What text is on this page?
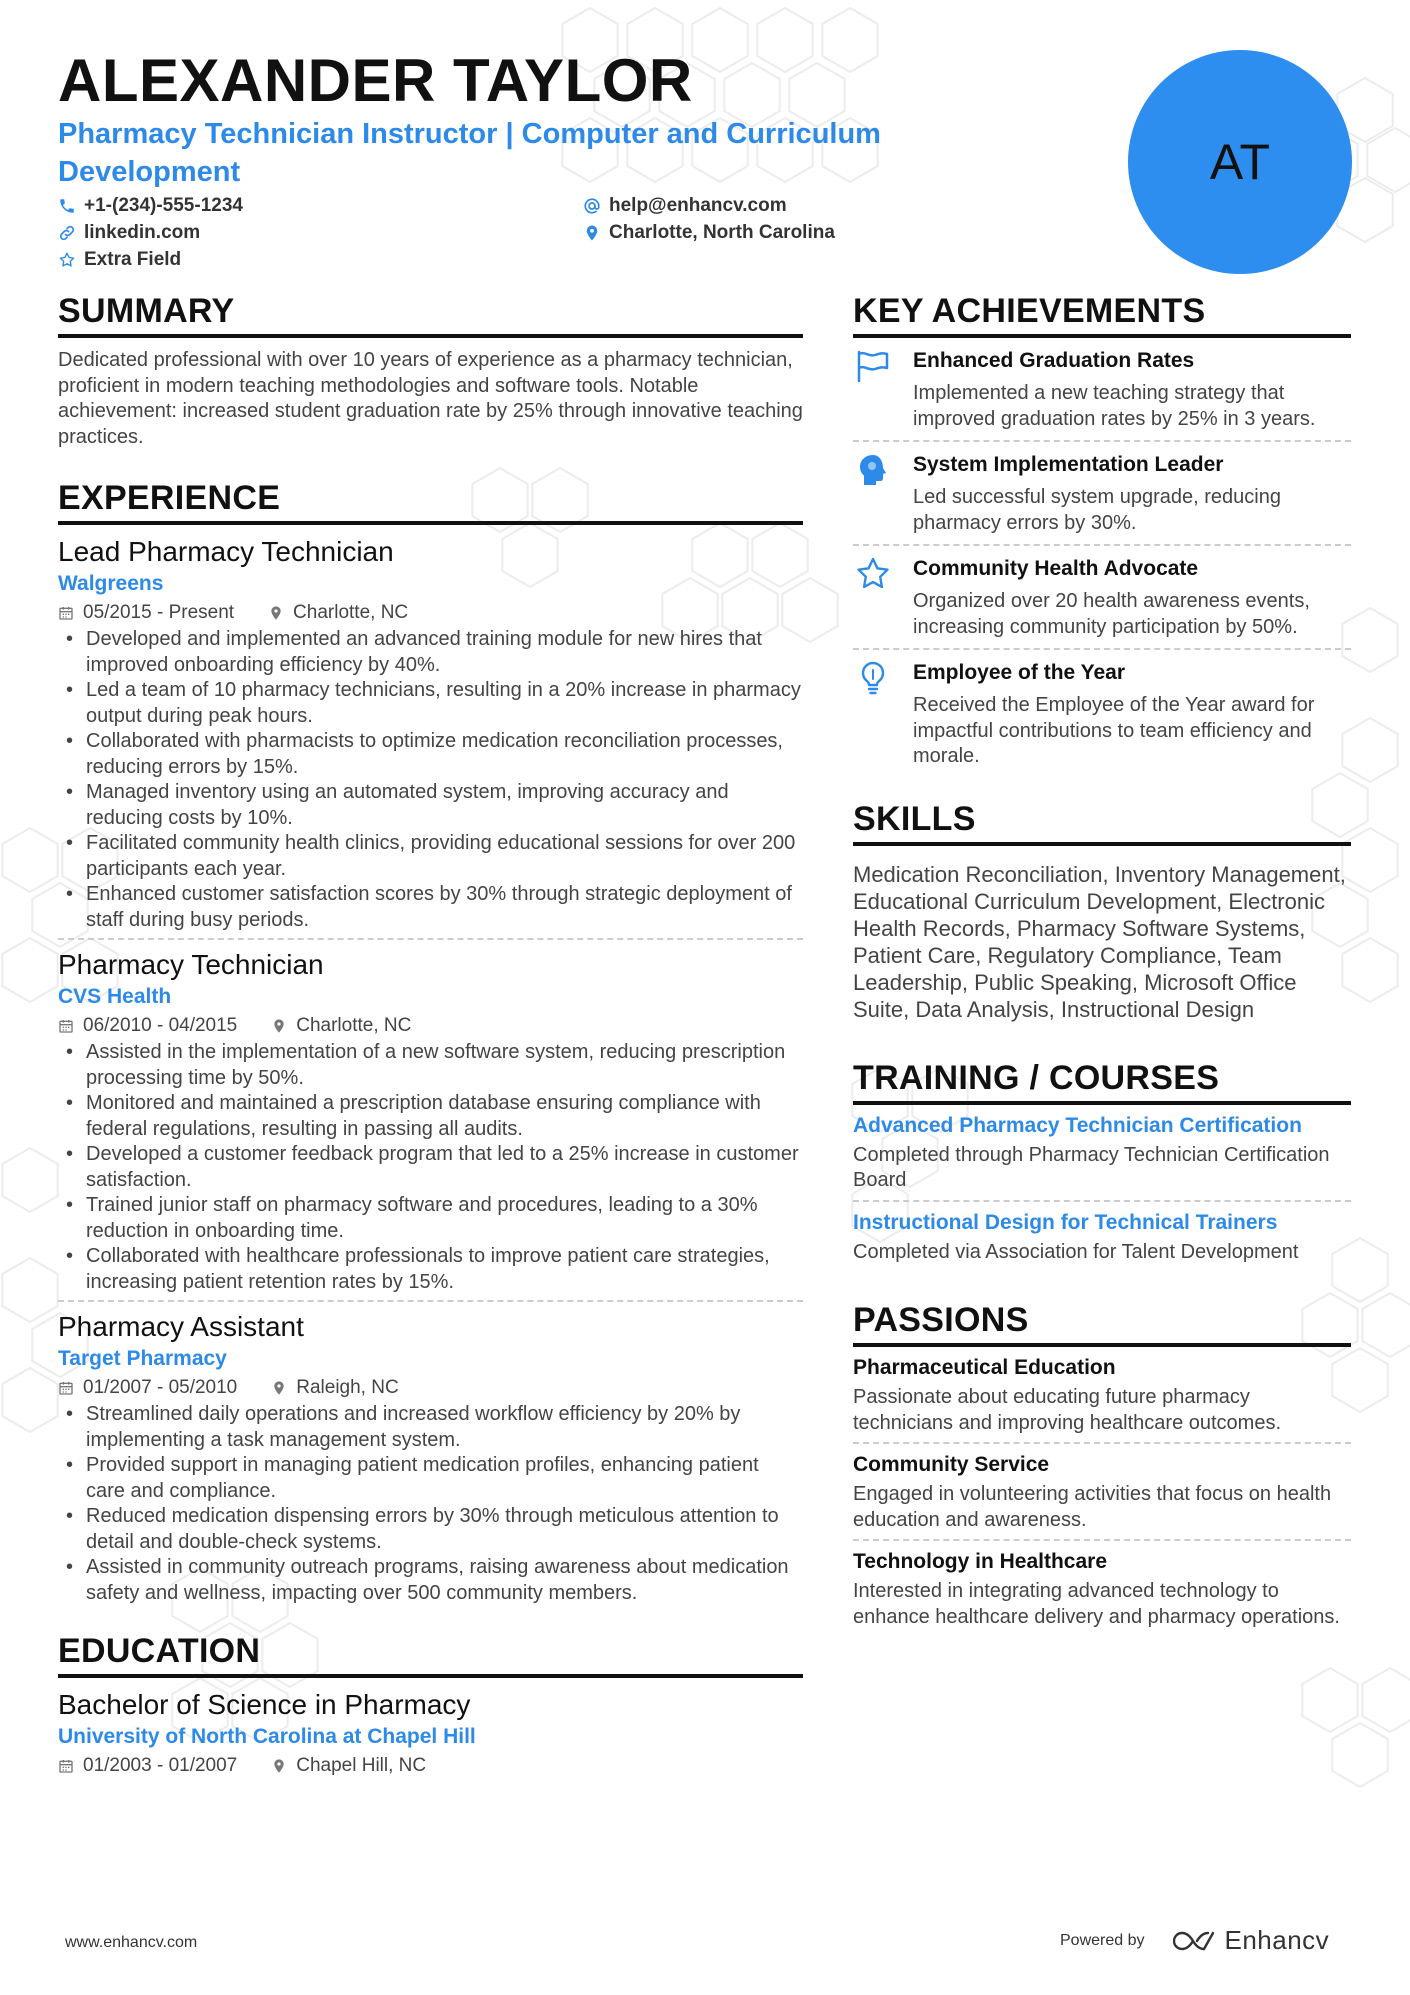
ALEXANDER TAYLOR
Pharmacy Technician Instructor | Computer and Curriculum Development
+1-(234)-555-1234	help@enhancv.com
linkedin.com	Charlotte, North Carolina
Extra Field
AT
SUMMARY
Dedicated professional with over 10 years of experience as a pharmacy technician, proficient in modern teaching methodologies and software tools. Notable achievement: increased student graduation rate by 25% through innovative teaching practices.
EXPERIENCE
Lead Pharmacy Technician
Walgreens
05/2015 - Present	Charlotte, NC
• Developed and implemented an advanced training module for new hires that improved onboarding efficiency by 40%.
• Led a team of 10 pharmacy technicians, resulting in a 20% increase in pharmacy output during peak hours.
• Collaborated with pharmacists to optimize medication reconciliation processes, reducing errors by 15%.
• Managed inventory using an automated system, improving accuracy and reducing costs by 10%.
• Facilitated community health clinics, providing educational sessions for over 200 participants each year.
• Enhanced customer satisfaction scores by 30% through strategic deployment of staff during busy periods.
Pharmacy Technician
CVS Health
06/2010 - 04/2015	Charlotte, NC
• Assisted in the implementation of a new software system, reducing prescription processing time by 50%.
• Monitored and maintained a prescription database ensuring compliance with federal regulations, resulting in passing all audits.
• Developed a customer feedback program that led to a 25% increase in customer satisfaction.
• Trained junior staff on pharmacy software and procedures, leading to a 30% reduction in onboarding time.
• Collaborated with healthcare professionals to improve patient care strategies, increasing patient retention rates by 15%.
Pharmacy Assistant
Target Pharmacy
01/2007 - 05/2010	Raleigh, NC
• Streamlined daily operations and increased workflow efficiency by 20% by implementing a task management system.
• Provided support in managing patient medication profiles, enhancing patient care and compliance.
• Reduced medication dispensing errors by 30% through meticulous attention to detail and double-check systems.
• Assisted in community outreach programs, raising awareness about medication safety and wellness, impacting over 500 community members.
EDUCATION
Bachelor of Science in Pharmacy
University of North Carolina at Chapel Hill
01/2003 - 01/2007	Chapel Hill, NC
KEY ACHIEVEMENTS
Enhanced Graduation Rates
Implemented a new teaching strategy that improved graduation rates by 25% in 3 years.
System Implementation Leader
Led successful system upgrade, reducing pharmacy errors by 30%.
Community Health Advocate
Organized over 20 health awareness events, increasing community participation by 50%.
Employee of the Year
Received the Employee of the Year award for impactful contributions to team efficiency and morale.
SKILLS
Medication Reconciliation, Inventory Management, Educational Curriculum Development, Electronic Health Records, Pharmacy Software Systems, Patient Care, Regulatory Compliance, Team Leadership, Public Speaking, Microsoft Office Suite, Data Analysis, Instructional Design
TRAINING / COURSES
Advanced Pharmacy Technician Certification
Completed through Pharmacy Technician Certification Board
Instructional Design for Technical Trainers
Completed via Association for Talent Development
PASSIONS
Pharmaceutical Education
Passionate about educating future pharmacy technicians and improving healthcare outcomes.
Community Service
Engaged in volunteering activities that focus on health education and awareness.
Technology in Healthcare
Interested in integrating advanced technology to enhance healthcare delivery and pharmacy operations.
www.enhancv.com	Powered by	Enhancv
